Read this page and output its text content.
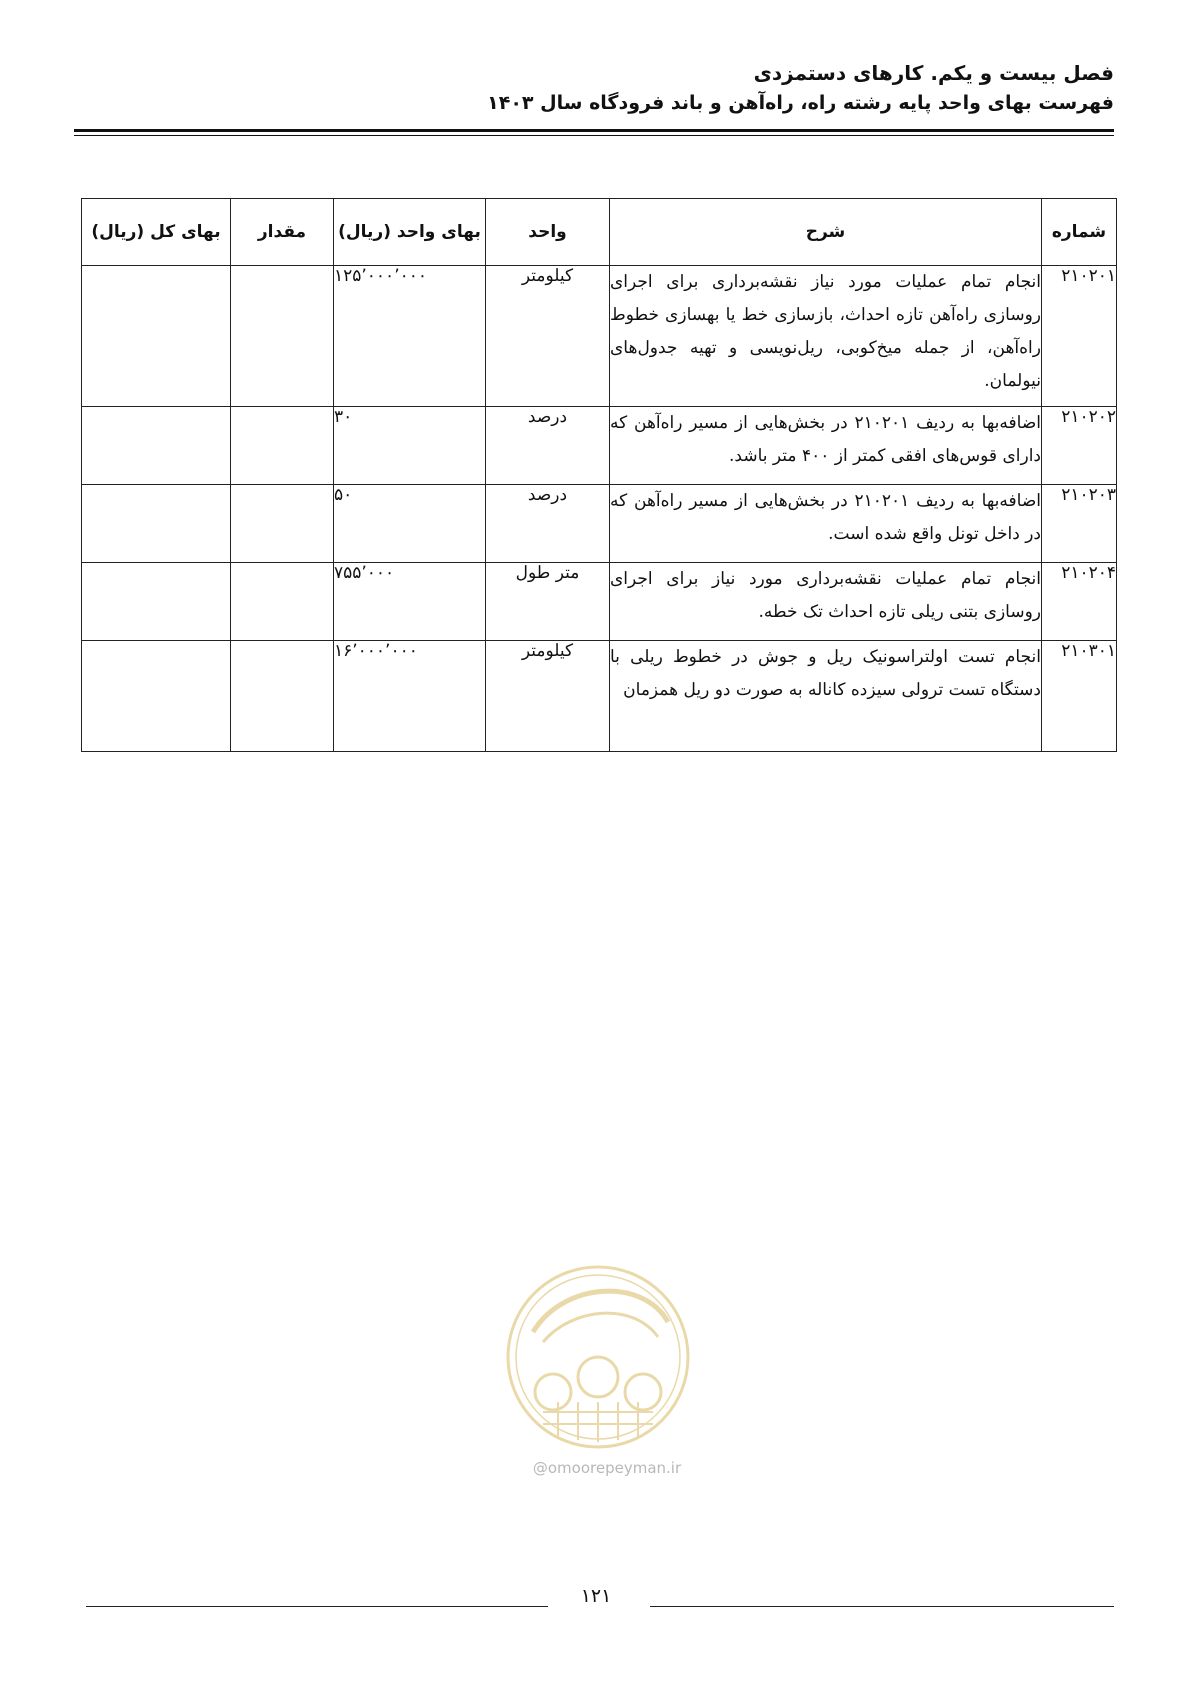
فصل بیست و یکم. کارهای دستمزدی
فهرست بهای واحد پایه رشته راه، راه‌آهن و باند فرودگاه سال ۱۴۰۳
شماره	شرح	واحد	بهای واحد (ریال)	مقدار	بهای کل (ریال)
۲۱۰۲۰۱	انجام تمام عملیات مورد نیاز نقشه‌برداری برای اجرای روسازی راه‌آهن تازه احداث، بازسازی خط یا بهسازی خطوط راه‌آهن، از جمله میخ‌کوبی، ریل‌نویسی و تهیه جدول‌های نیولمان.	کیلومتر	۱۲۵٬۰۰۰٬۰۰۰		
۲۱۰۲۰۲	اضافه‌بها به ردیف ۲۱۰۲۰۱ در بخش‌هایی از مسیر راه‌آهن که دارای قوس‌های افقی کمتر از ۴۰۰ متر باشد.	درصد	۳۰		
۲۱۰۲۰۳	اضافه‌بها به ردیف ۲۱۰۲۰۱ در بخش‌هایی از مسیر راه‌آهن که در داخل تونل واقع شده است.	درصد	۵۰		
۲۱۰۲۰۴	انجام تمام عملیات نقشه‌برداری مورد نیاز برای اجرای روسازی بتنی ریلی تازه احداث تک خطه.	متر طول	۷۵۵٬۰۰۰		
۲۱۰۳۰۱	انجام تست اولتراسونیک ریل و جوش در خطوط ریلی با دستگاه تست ترولی سیزده کاناله به صورت دو ریل همزمان	کیلومتر	۱۶٬۰۰۰٬۰۰۰		
@omoorepeyman.ir
۱۲۱
